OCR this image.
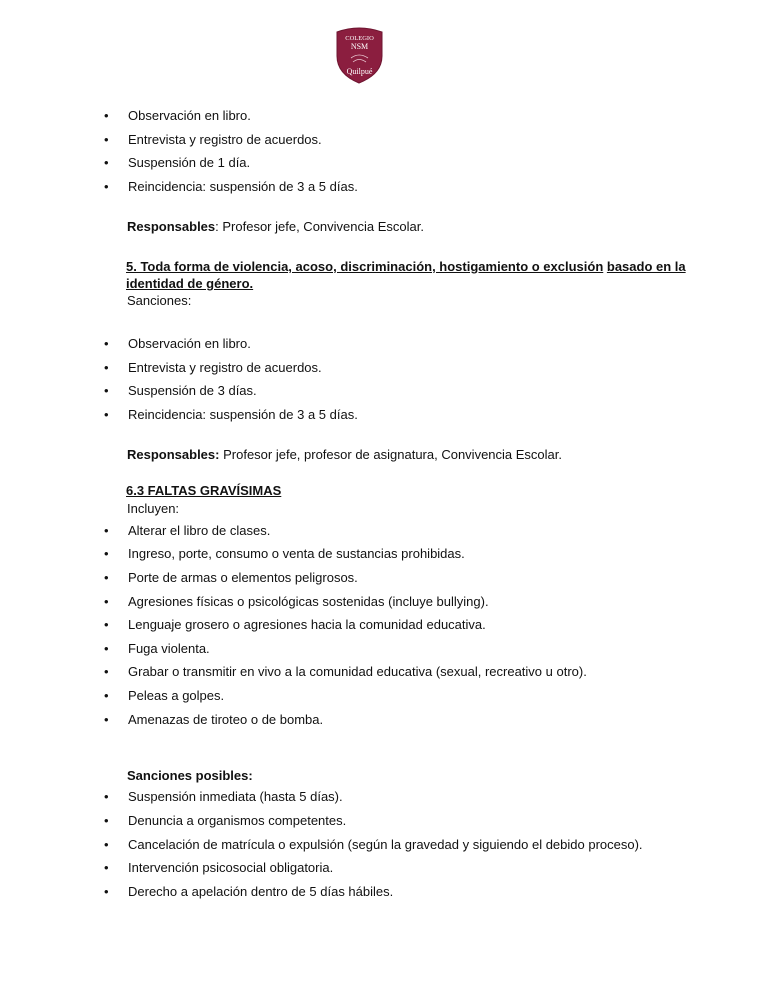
COLEGIO
NSM
Quilpué
• Observación en libro.
• Entrevista y registro de acuerdos.
• Suspensión de 1 día.
• Reincidencia: suspensión de 3 a 5 días.
Responsables: Profesor jefe, Convivencia Escolar.
5. Toda forma de violencia, acoso, discriminación, hostigamiento o exclusión basado en la identidad de género.
Sanciones:
• Observación en libro.
• Entrevista y registro de acuerdos.
• Suspensión de 3 días.
• Reincidencia: suspensión de 3 a 5 días.
Responsables: Profesor jefe, profesor de asignatura, Convivencia Escolar.
6.3 FALTAS GRAVÍSIMAS
Incluyen:
• Alterar el libro de clases.
• Ingreso, porte, consumo o venta de sustancias prohibidas.
• Porte de armas o elementos peligrosos.
• Agresiones físicas o psicológicas sostenidas (incluye bullying).
• Lenguaje grosero o agresiones hacia la comunidad educativa.
• Fuga violenta.
• Grabar o transmitir en vivo a la comunidad educativa (sexual, recreativo u otro).
• Peleas a golpes.
• Amenazas de tiroteo o de bomba.
Sanciones posibles:
• Suspensión inmediata (hasta 5 días).
• Denuncia a organismos competentes.
• Cancelación de matrícula o expulsión (según la gravedad y siguiendo el debido proceso).
• Intervención psicosocial obligatoria.
• Derecho a apelación dentro de 5 días hábiles.
